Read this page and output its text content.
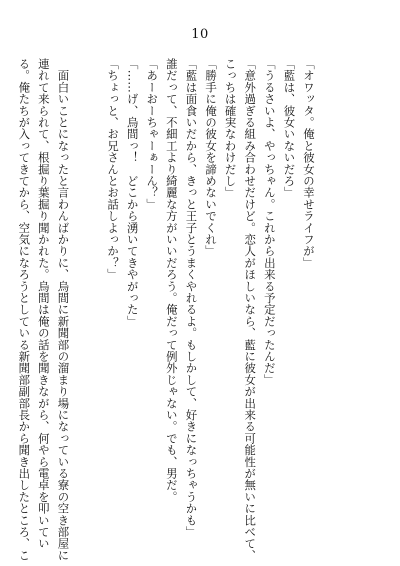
10
「オワッタ。俺と彼女の幸せライフが」
「藍は、彼女いないだろ」
「うるさいよ、やっちゃん。これから出来る予定だったんだ」
「意外過ぎる組み合わせだけど。恋人がほしいなら、藍に彼女が出来る可能性が無いに比べて、
こっちは確実なわけだし」
「勝手に俺の彼女を諦めないでくれ」
「藍は面食いだから、きっと王子とうまくやれるよ。もしかして、好きになっちゃうかも」
誰だって、不細工より綺麗な方がいいだろう。俺だって例外じゃない。でも、男だ。
「あーおーちゃーぁーん？」
「……げ、烏間っ！　どこから湧いてきやがった」
「ちょっと、お兄さんとお話しよっか？」
　面白いことになったと言わんばかりに、烏間に新聞部の溜まり場になっている寮の空き部屋に
連れて来られて、根掘り葉掘り聞かれた。烏間は俺の話を聞きながら、何やら電卓を叩いてい
る。俺たちが入ってきてから、空気になろうとしている新聞部副部長から聞き出したところ、こ
